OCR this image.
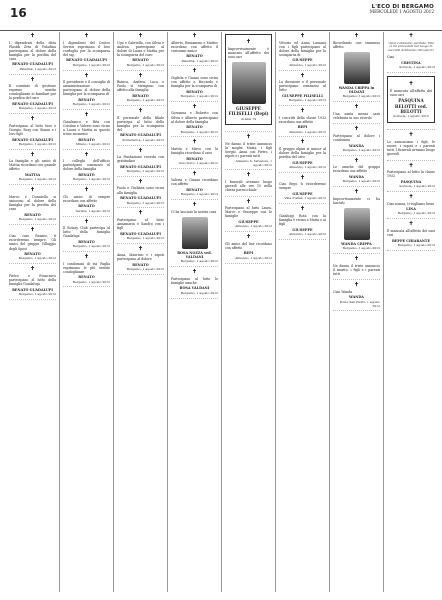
16	L'ECO DI BERGAMO
MERCOLEDÌ 1 AGOSTO 2012
✝

I dipendenti della ditta Plastik Zeta di Paladina partecipano al dolore della famiglia per la perdita del caro

RENATO GUADALUPI
Paladina, 1 agosto 2012
✝

Il comitato di gestione esprime sentite condoglianze ai familiari per la perdita del caro

RENATO GUADALUPI
Bergamo, 1 agosto 2012
✝

Partecipano al lutto Ines e Giorgio, Rosy con Gianni e i loro figli

RENATO GUADALUPI
Bergamo, 1 agosto 2012
✝

La famiglia e gli amici di Mattia ricordano con grande affetto

MATTIA
Bergamo, 1 agosto 2012
✝

Marco e Donatella si uniscono al dolore della famiglia per la perdita del caro

RENATO
Bergamo, 1 agosto 2012
✝

Ciao caro Renato, ti ricorderemo sempre. Gli amici del gruppo Villaggio degli Sposi

RENATO
Bergamo, 1 agosto 2012
✝

Pietro e Francesco partecipano al lutto della famiglia Guadalupi

RENATO GUADALUPI
Bergamo, 1 agosto 2012
✝

I dipendenti del Centro Servizi esprimono il loro cordoglio per la scomparsa del sig.

RENATO GUADALUPI
Bergamo, 1 agosto 2012
✝

Il presidente e il consiglio di amministrazione partecipano al dolore della famiglia per la scomparsa di

RENATO
Bergamo, 1 agosto 2012
✝

Gianfranco e Rita con Cristina e Valerio sono vicini a Laura e Mattia in questo triste momento

RENATO
Milano, 1 agosto 2012
✝

I colleghi dell'ufficio partecipano commossi al dolore della famiglia

RENATO
Bergamo, 1 agosto 2012
✝

Gli amici di sempre ricordano con affetto

RENATO
Seriate, 1 agosto 2012
✝

Il Rotary Club partecipa al lutto della famiglia Guadalupi

RENATO
Bergamo, 1 agosto 2012
✝

I condomini di via Paglia esprimono le più sentite condoglianze

RENATO
Bergamo, 1 agosto 2012
✝

Ugo e Gabriella, con Silvia e Andrea, partecipano al dolore di Laura e Mattia per la scomparsa del caro

RENATO
Bergamo, 1 agosto 2012
✝

Bianca, Andrea, Luca e Paolo si stringono con affetto alla famiglia

RENATO
Bergamo, 1 agosto 2012
✝

Il personale della filiale partecipa al lutto della famiglia per la scomparsa del

RENATO GUADALUPI
Ponteranica, 1 agosto 2012
✝

La Fondazione ricorda con gratitudine

RENATO GUADALUPI
Bergamo, 1 agosto 2012
✝

Paolo e Giuliana sono vicini alla famiglia

RENATO GUADALUPI
Bergamo, 1 agosto 2012
✝

Partecipano al lutto Annamaria e Sandro con i figli

RENATO GUADALUPI
Bergamo, 1 agosto 2012
✝

Anna, Maurizio e i nipoti partecipano al dolore

RENATO
Bergamo, 1 agosto 2012
✝

Alberto, Beniamino e Matteo ricordano con affetto il carissimo amico

RENATO
Paladina, 1 agosto 2012
✝

Gigliola e Gianni sono vicini con affetto a Riccardo e famiglia per la scomparsa di

RENATO
Bergamo, 1 agosto 2012
✝

Giovanna e Roberto con Silvia e Alberto partecipano al dolore della famiglia

RENATO
Bergamo, 1 agosto 2012
✝

Mattia e Mirco con la famiglia ricordano il caro

RENATO
Osio Sotto, 1 agosto 2012
✝

Valeria e Gianni ricordano con affetto

RENATO
Bergamo, 1 agosto 2012
✝

Ci ha lasciato la nostra cara

ROSA NOZZA ved. VALDANI
Bergamo, 1 agosto 2012
✝

Partecipano al lutto le famiglie amiche

ROSA VALDANI
Bergamo, 1 agosto 2012
✝

Improvvisamente è mancato all'affetto dei suoi cari

GIUSEPPE FILISELLI (Bepi)
di anni 79
✝

Ne danno il triste annuncio la moglie Maria, i figli Sergio, Anna con Pietro, i nipoti e i parenti tutti

Almenno S. Salvatore, 1 agosto 2012
✝

I funerali avranno luogo giovedì alle ore 10 nella chiesa parrocchiale

✝

Partecipano al lutto Laura, Marco e Giuseppe con le famiglie

GIUSEPPE
Almenno, 1 agosto 2012
✝

Gli amici del bar ricordano con affetto

BEPI
Almenno, 1 agosto 2012
✝

Vittorio ed Anna Lussana con i figli partecipano al dolore della famiglia per la scomparsa di

GIUSEPPE
Almenno, 1 agosto 2012
✝

La direzione e il personale partecipano commossi al lutto

GIUSEPPE FILISELLI
Bergamo, 1 agosto 2012
✝

I coscritti della classe 1933 ricordano con affetto

BEPI
Almenno, 1 agosto 2012
✝

Il gruppo alpini si unisce al dolore della famiglia per la perdita del caro

GIUSEPPE
Almenno, 1 agosto 2012
✝

Ciao Bepi, ti ricorderemo sempre

GIUSEPPE
Villa d'Almè, 1 agosto 2012
✝

Gianluigi Rota con la famiglia è vicino a Maria e ai figli

GIUSEPPE
Almenno, 1 agosto 2012
✝

Ricordando con immenso affetto

WANDA CRIPPA in OLDANI
Bergamo, 1 agosto 2012
✝

Una santa messa sarà celebrata in suo ricordo

✝

Partecipano al dolore i condomini

WANDA
Bergamo, 1 agosto 2012
✝

Le amiche del gruppo ricordano con affetto

WANDA
Bergamo, 1 agosto 2012
✝

Improvvisamente ci ha lasciati

WANDA CRIPPA
Bergamo, 1 agosto 2012
✝

Ne danno il triste annuncio il marito, i figli e i parenti tutti

✝

Ciao Wanda

WANDA
Ponte San Pietro, 1 agosto 2012
✝
«Non l'abbiamo perduta. Ella ci ha preceduti nel luogo in cui tutti dobbiamo ritrovarci»

Ciao

CRISTINA
Sorisole, 1 agosto 2012
✝

È mancata all'affetto dei suoi cari

PASQUINA BELOTTI ved. BELOTTI
Sorisole, 1 agosto 2012
✝

Lo annunciano i figli, le nuore, i nipoti e i parenti tutti. I funerali avranno luogo giovedì

✝

Partecipano al lutto la classe 1932

PASQUINA
Sorisole, 1 agosto 2012
✝

Ciao nonna, ti vogliamo bene

LINA
Bergamo, 1 agosto 2012
✝

È mancata all'affetto dei suoi cari

BEPPE CHIARANTE
Bergamo, 1 agosto 2012
